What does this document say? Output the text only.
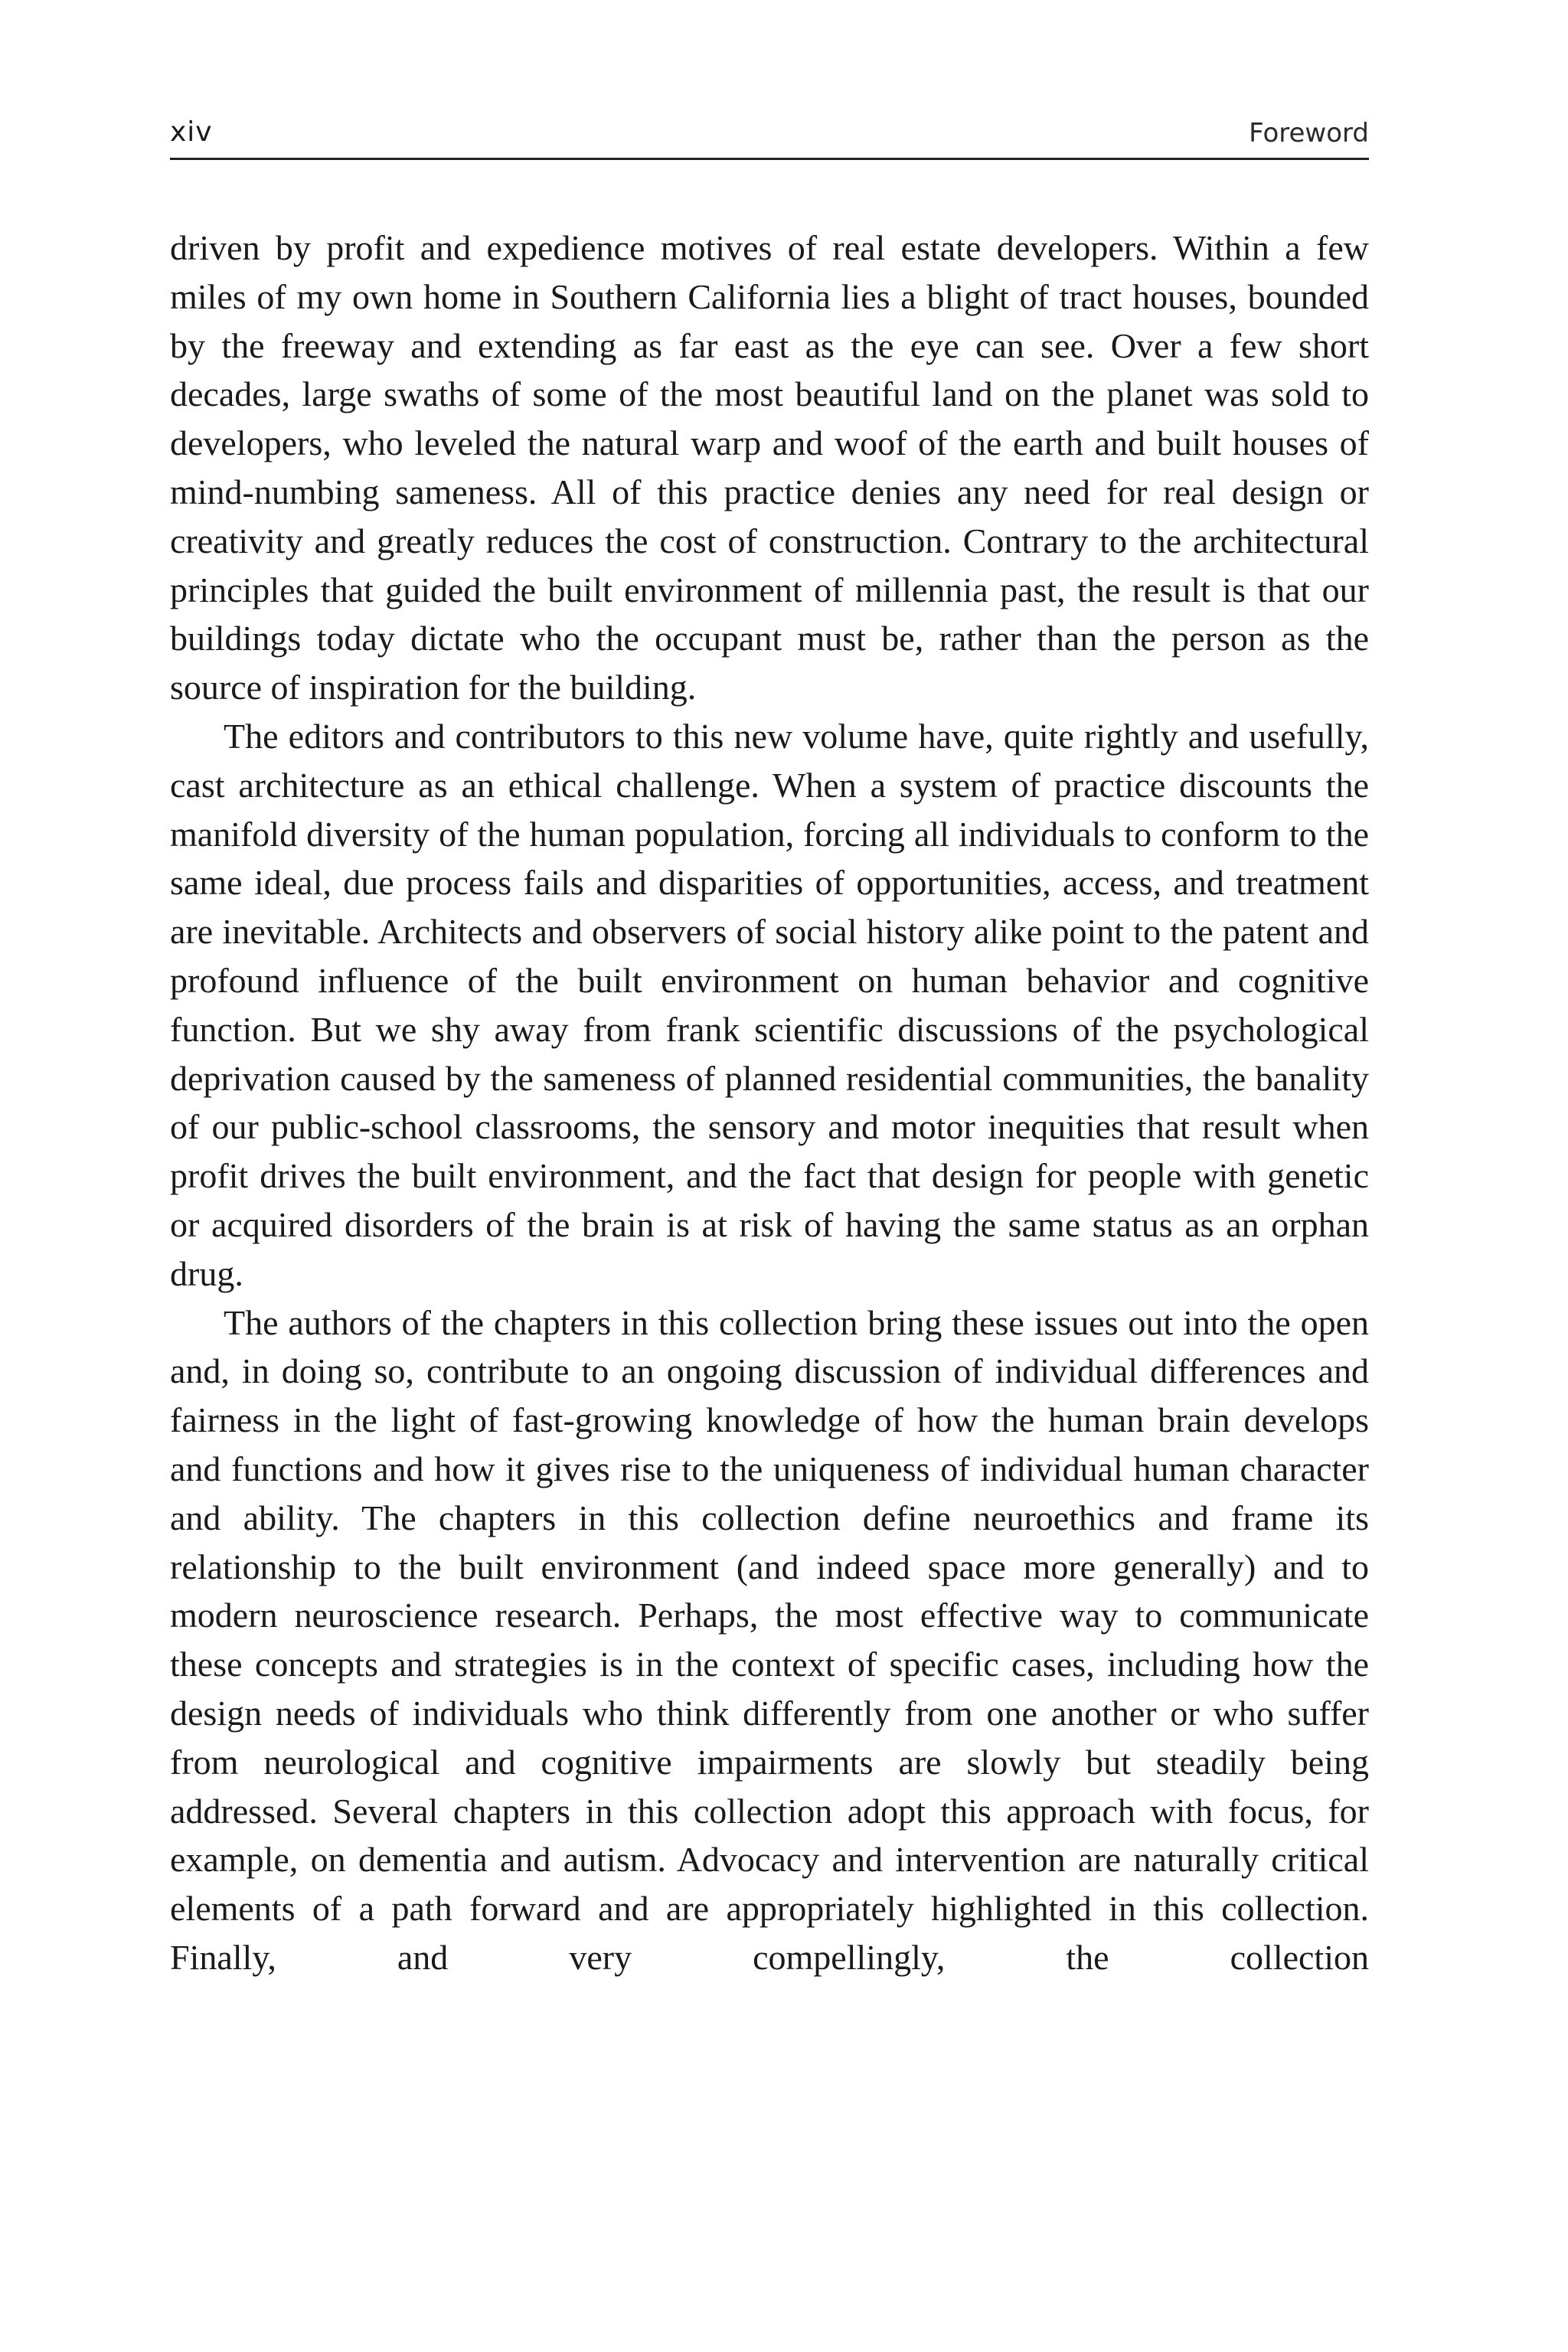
xiv	Foreword

driven by profit and expedience motives of real estate developers. Within a few miles of my own home in Southern California lies a blight of tract houses, bounded by the freeway and extending as far east as the eye can see. Over a few short decades, large swaths of some of the most beautiful land on the planet was sold to developers, who leveled the natural warp and woof of the earth and built houses of mind-numbing sameness. All of this practice denies any need for real design or creativity and greatly reduces the cost of construction. Contrary to the architectural principles that guided the built environment of millennia past, the result is that our buildings today dictate who the occupant must be, rather than the person as the source of inspiration for the building.

The editors and contributors to this new volume have, quite rightly and usefully, cast architecture as an ethical challenge. When a system of practice discounts the manifold diversity of the human population, forcing all individuals to conform to the same ideal, due process fails and disparities of opportunities, access, and treatment are inevitable. Architects and observers of social history alike point to the patent and profound influence of the built environment on human behavior and cognitive function. But we shy away from frank scientific discussions of the psychological deprivation caused by the sameness of planned residential communities, the banality of our public-school classrooms, the sensory and motor inequities that result when profit drives the built environment, and the fact that design for people with genetic or acquired disorders of the brain is at risk of having the same status as an orphan drug.

The authors of the chapters in this collection bring these issues out into the open and, in doing so, contribute to an ongoing discussion of individual differences and fairness in the light of fast-growing knowledge of how the human brain develops and functions and how it gives rise to the uniqueness of individual human character and ability. The chapters in this collection define neuroethics and frame its relationship to the built environment (and indeed space more generally) and to modern neuroscience research. Perhaps, the most effective way to communicate these concepts and strategies is in the context of specific cases, including how the design needs of individuals who think differently from one another or who suffer from neurological and cognitive impairments are slowly but steadily being addressed. Several chapters in this collection adopt this approach with focus, for example, on dementia and autism. Advocacy and intervention are naturally critical elements of a path forward and are appropriately highlighted in this collection. Finally, and very compellingly, the collection
